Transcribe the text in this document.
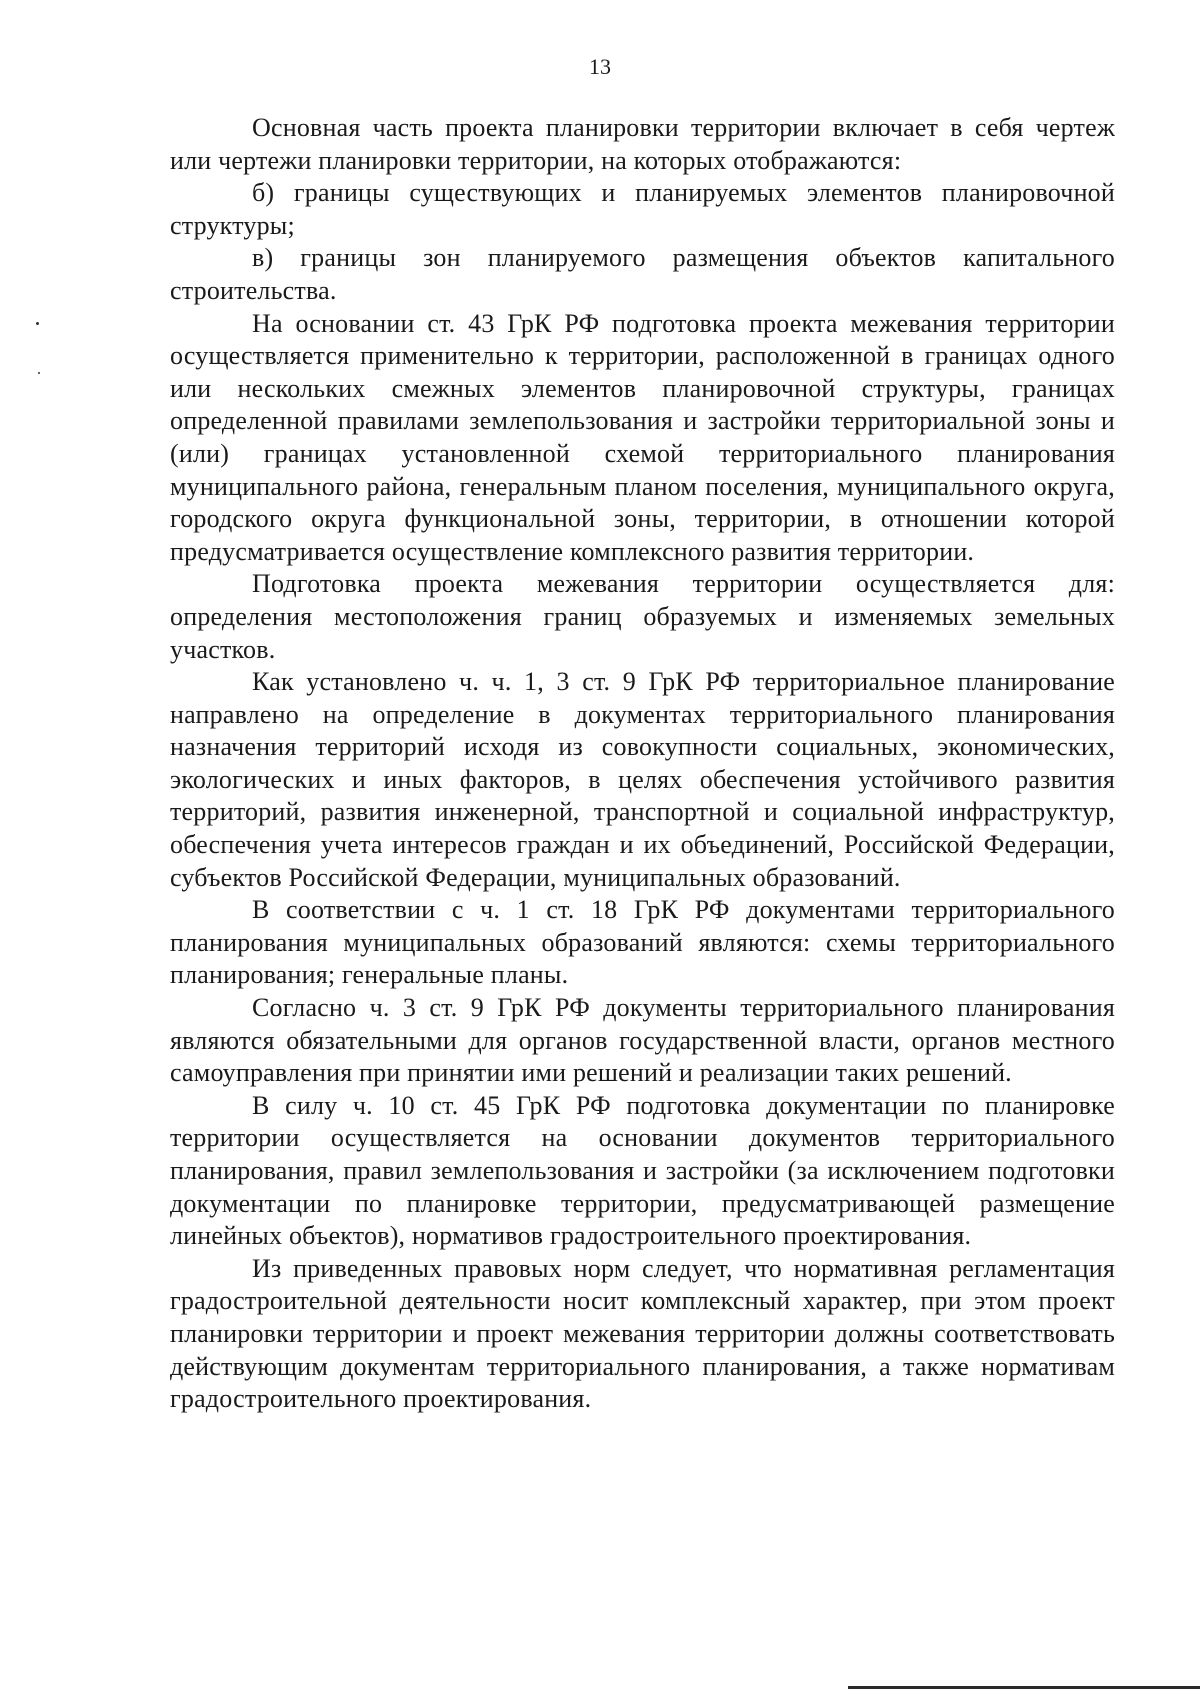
13

Основная часть проекта планировки территории включает в себя чертеж или чертежи планировки территории, на которых отображаются:

б) границы существующих и планируемых элементов планировочной структуры;

в) границы зон планируемого размещения объектов капитального строительства.

На основании ст. 43 ГрК РФ подготовка проекта межевания территории осуществляется применительно к территории, расположенной в границах одного или нескольких смежных элементов планировочной структуры, границах определенной правилами землепользования и застройки территориальной зоны и (или) границах установленной схемой территориального планирования муниципального района, генеральным планом поселения, муниципального округа, городского округа функциональной зоны, территории, в отношении которой предусматривается осуществление комплексного развития территории.

Подготовка проекта межевания территории осуществляется для: определения местоположения границ образуемых и изменяемых земельных участков.

Как установлено ч. ч. 1, 3 ст. 9 ГрК РФ территориальное планирование направлено на определение в документах территориального планирования назначения территорий исходя из совокупности социальных, экономических, экологических и иных факторов, в целях обеспечения устойчивого развития территорий, развития инженерной, транспортной и социальной инфраструктур, обеспечения учета интересов граждан и их объединений, Российской Федерации, субъектов Российской Федерации, муниципальных образований.

В соответствии с ч. 1 ст. 18 ГрК РФ документами территориального планирования муниципальных образований являются: схемы территориального планирования; генеральные планы.

Согласно ч. 3 ст. 9 ГрК РФ документы территориального планирования являются обязательными для органов государственной власти, органов местного самоуправления при принятии ими решений и реализации таких решений.

В силу ч. 10 ст. 45 ГрК РФ подготовка документации по планировке территории осуществляется на основании документов территориального планирования, правил землепользования и застройки (за исключением подготовки документации по планировке территории, предусматривающей размещение линейных объектов), нормативов градостроительного проектирования.

Из приведенных правовых норм следует, что нормативная регламентация градостроительной деятельности носит комплексный характер, при этом проект планировки территории и проект межевания территории должны соответствовать действующим документам территориального планирования, а также нормативам градостроительного проектирования.
